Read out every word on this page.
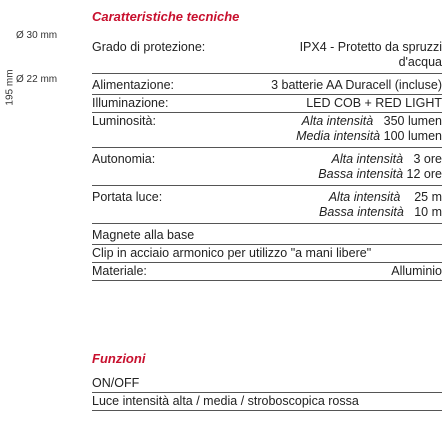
Ø 30 mm
195 mm Ø 22 mm
Caratteristiche tecniche
Grado di protezione:	IPX4 - Protetto da spruzzi
d'acqua
Alimentazione:	3 batterie AA Duracell (incluse)
Illuminazione:	LED COB + RED LIGHT
Luminosità:	Alta intensità 350 lumen
Media intensità 100 lumen
Autonomia:	Alta intensità 3 ore
Bassa intensità 12 ore
Portata luce:	Alta intensità 25 m
Bassa intensità 10 m
Magnete alla base
Clip in acciaio armonico per utilizzo "a mani libere"
Materiale:	Alluminio
Funzioni
ON/OFF
Luce intensità alta / media / stroboscopica rossa
